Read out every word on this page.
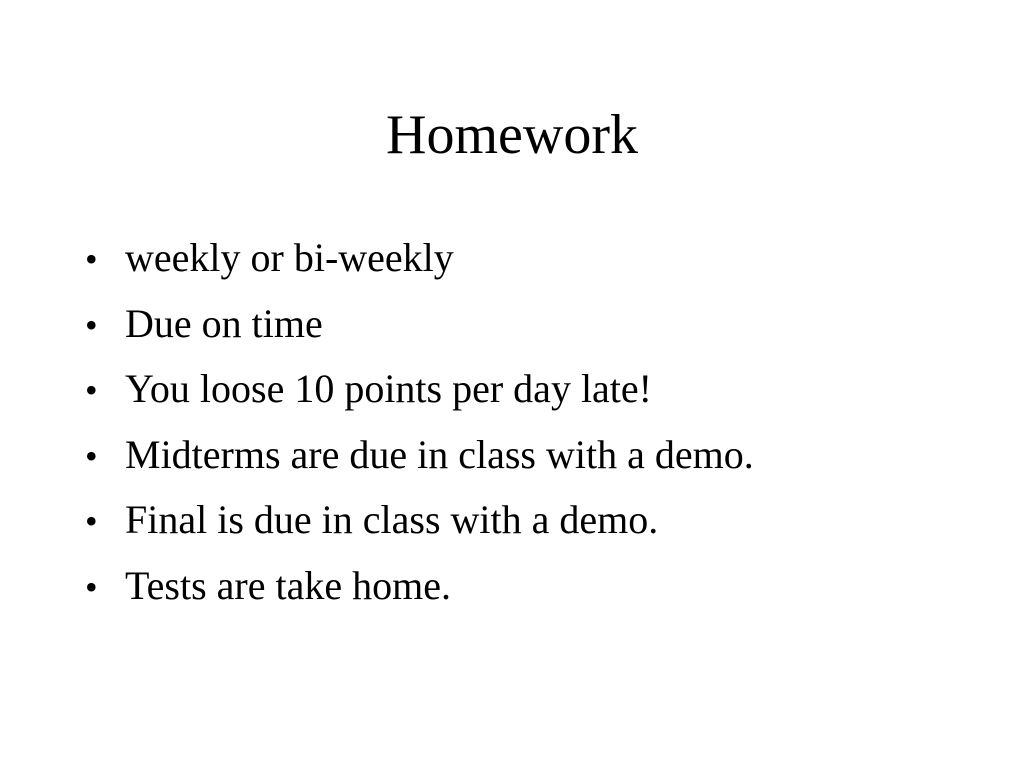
Homework
• weekly or bi-weekly
• Due on time
• You loose 10 points per day late!
• Midterms are due in class with a demo.
• Final is due in class with a demo.
• Tests are take home.
